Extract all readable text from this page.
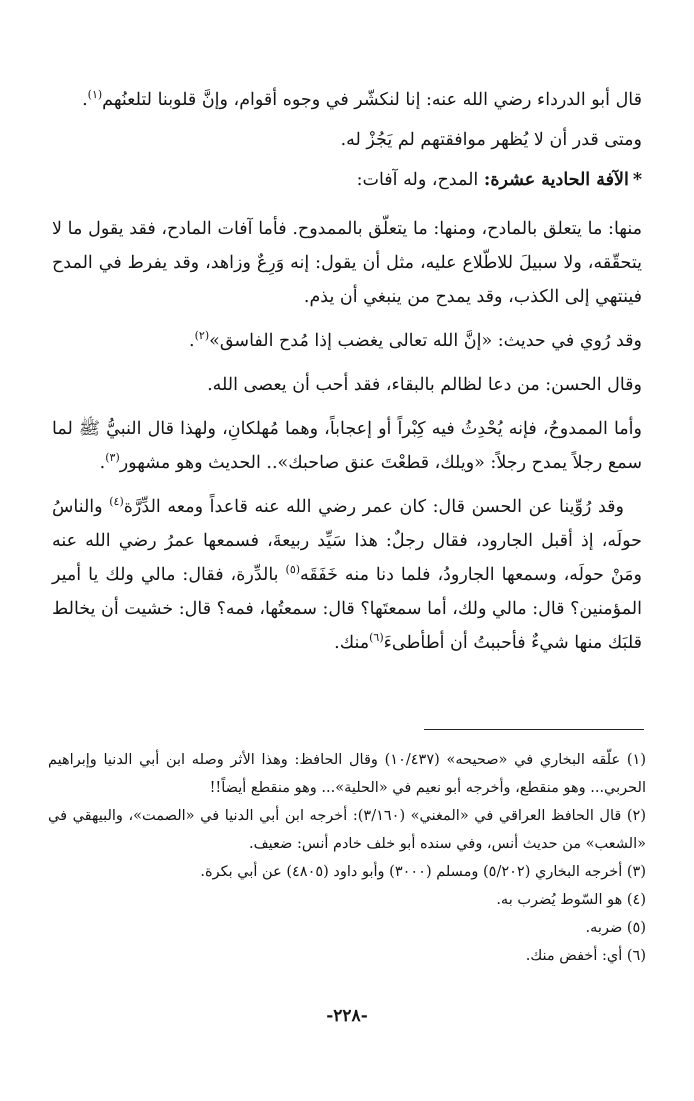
قال أبو الدرداء رضي الله عنه: إنا لنكشّر في وجوه أقوام، وإنَّ قلوبنا لتلعنُهم$^{(١)}$.

ومتى قدر أن لا يُظهر موافقتهم لم يَجُزْ له.

*الآفة الحادية عشرة: المدح، وله آفات:

منها: ما يتعلق بالمادح، ومنها: ما يتعلّق بالممدوح. فأما آفات المادح، فقد يقول ما لا يتحقّقه، ولا سبيلَ للاطّلاع عليه، مثل أن يقول: إنه وَرِعٌ وزاهد، وقد يفرط في المدح فينتهي إلى الكذب، وقد يمدح من ينبغي أن يذم.

وقد رُوي في حديث: «إنَّ الله تعالى يغضب إذا مُدح الفاسق»$^{(٢)}$.

وقال الحسن: من دعا لظالم بالبقاء، فقد أحب أن يعصى الله.

وأما الممدوحُ، فإنه يُحْدِثُ فيه كِبْراً أو إعجاباً، وهما مُهلكانِ، ولهذا قال النبيُّ ﷺ لما سمع رجلاً يمدح رجلاً: «ويلك، قطعْتَ عنق صاحبك».. الحديث وهو مشهور$^{(٣)}$.

وقد رُوِّينا عن الحسن قال: كان عمر رضي الله عنه قاعداً ومعه الدِّرَّة$^{(٤)}$ والناسُ حولَه، إذ أقبل الجارود، فقال رجلٌ: هذا سَيِّد ربيعةَ، فسمعها عمرُ رضي الله عنه ومَنْ حولَه، وسمعها الجارودُ، فلما دنا منه خَفَقَه$^{(٥)}$ بالدِّرة، فقال: مالي ولك يا أمير المؤمنين؟ قال: مالي ولك، أما سمعتَها؟ قال: سمعتُها، فمه؟ قال: خشيت أن يخالط قلبَك منها شيءٌ فأحببتُ أن أطأطىءَ$^{(٦)}$منك.

(١) علّقه البخاري في «صحيحه» (١٠/٤٣٧) وقال الحافظ: وهذا الأثر وصله ابن أبي الدنيا وإبراهيم الحربي... وهو منقطع، وأخرجه أبو نعيم في «الحلية»... وهو منقطع أيضاً!!

(٢) قال الحافظ العراقي في «المغني» (٣/١٦٠): أخرجه ابن أبي الدنيا في «الصمت»، والبيهقي في «الشعب» من حديث أنس، وفي سنده أبو خلف خادم أنس: ضعيف.

(٣) أخرجه البخاري (٥/٢٠٢) ومسلم (٣٠٠٠) وأبو داود (٤٨٠٥) عن أبي بكرة.

(٤) هو السّوط يُضرب به.

(٥) ضربه.

(٦) أي: أخفض منك.

-٢٢٨-
